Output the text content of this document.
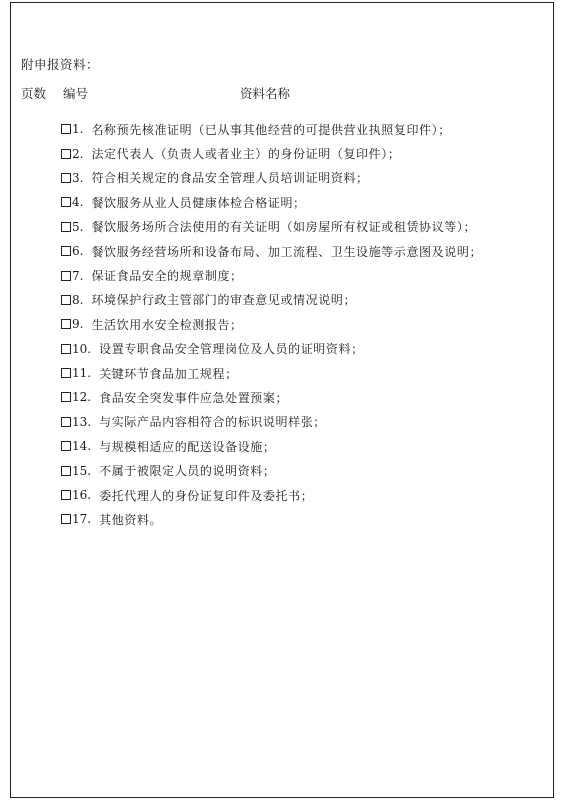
附申报资料：
页数 编号	资料名称
1. 名称预先核准证明（已从事其他经营的可提供营业执照复印件）；
2. 法定代表人（负责人或者业主）的身份证明（复印件）；
3. 符合相关规定的食品安全管理人员培训证明资料；
4. 餐饮服务从业人员健康体检合格证明；
5. 餐饮服务场所合法使用的有关证明（如房屋所有权证或租赁协议等）；
6. 餐饮服务经营场所和设备布局、加工流程、卫生设施等示意图及说明；
7. 保证食品安全的规章制度；
8. 环境保护行政主管部门的审查意见或情况说明；
9. 生活饮用水安全检测报告；
10. 设置专职食品安全管理岗位及人员的证明资料；
11. 关键环节食品加工规程；
12. 食品安全突发事件应急处置预案；
13. 与实际产品内容相符合的标识说明样张；
14. 与规模相适应的配送设备设施；
15. 不属于被限定人员的说明资料；
16. 委托代理人的身份证复印件及委托书；
17. 其他资料。
